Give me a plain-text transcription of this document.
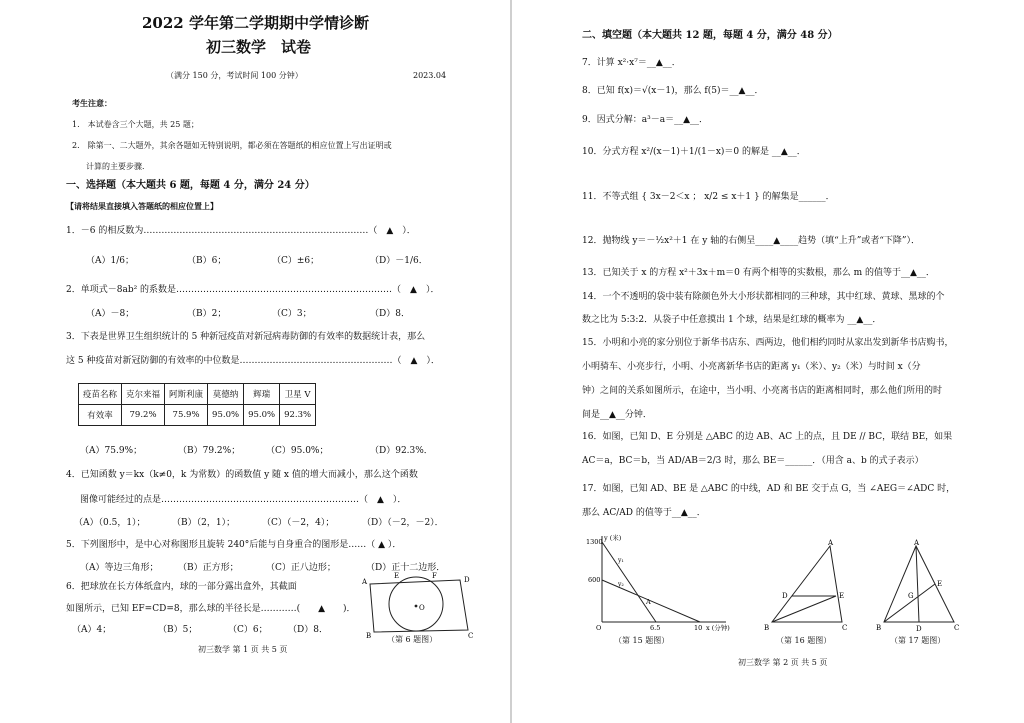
2022 学年第二学期期中学情诊断
初三数学　试卷
（满分 150 分，考试时间 100 分钟）	2023.04
考生注意：
1.　本试卷含三个大题，共 25 题；
2.　除第一、二大题外，其余各题如无特别说明，都必须在答题纸的相应位置上写出证明或
计算的主要步骤．
一、选择题（本大题共 6 题，每题 4 分，满分 24 分）
【请将结果直接填入答题纸的相应位置上】
1．－6 的相反数为…………………………………………………………………（　▲　）．
（A）1/6；	（B）6；	（C）±6；	（D）－1/6．
2．单项式－8ab² 的系数是………………………………………………………………（　▲　）．
（A）－8；	（B）2；	（C）3；	（D）8．
3．下表是世界卫生组织统计的 5 种新冠疫苗对新冠病毒防御的有效率的数据统计表，那么
这 5 种疫苗对新冠防御的有效率的中位数是……………………………………………（　▲　）．
疫苗名称	克尔来福	阿斯利康	莫德纳	辉瑞	卫星 V
有效率	79.2%	75.9%	95.0%	95.0%	92.3%
（A）75.9%；	（B）79.2%；	（C）95.0%；	（D）92.3%．
4．已知函数 y＝kx（k≠0，k 为常数）的函数值 y 随 x 值的增大而减小，那么这个函数
图像可能经过的点是…………………………………………………………（　▲　）．
（A）（0.5，1）；	（B）（2，1）；	（C）（－2，4）；	（D）（－2，－2）．
5．下列图形中，是中心对称图形且旋转 240°后能与自身重合的图形是……（ ▲ ）．
（A）等边三角形； （B）正方形；	（C）正八边形；	（D）正十二边形．
6．把球放在长方体纸盒内，球的一部分露出盒外，其截面
如图所示，已知 EF=CD=8，那么球的半径长是…………(　　▲　　)．
（A）4；	（B）5；	（C）6； （D）8．
A
E	F	D
O
B	C
（第 6 题图）
初三数学 第 1 页 共 5 页
二、填空题（本大题共 12 题，每题 4 分，满分 48 分）
7．计算 x²·x⁷＝__▲__．
8．已知 f(x)＝√(x－1)，那么 f(5)＝__▲__．
9．因式分解：a³－a＝__▲__．
10．分式方程 x²/(x－1)＋1/(1－x)＝0 的解是 __▲__．
11．不等式组 { 3x－2＜x ； x/2 ≤ x＋1 } 的解集是______．
12．抛物线 y＝－½x²＋1 在 y 轴的右侧呈____▲____趋势（填“上升”或者“下降”）．
13．已知关于 x 的方程 x²＋3x＋m＝0 有两个相等的实数根，那么 m 的值等于__▲__．
14．一个不透明的袋中装有除颜色外大小形状都相同的三种球，其中红球、黄球、黑球的个
数之比为 5:3:2．从袋子中任意摸出 1 个球，结果是红球的概率为 __▲__．
15．小明和小亮的家分别位于新华书店东、西两边，他们相约同时从家出发到新华书店购书，
小明骑车、小亮步行，小明、小亮离新华书店的距离 y₁（米）、y₂（米）与时间 x（分
钟）之间的关系如图所示，在途中，当小明、小亮离书店的距离相同时，那么他们所用的时
间是__▲__分钟．
16．如图，已知 D、E 分别是 △ABC 的边 AB、AC 上的点，且 DE // BC，联结 BE，如果
AC＝a，BC＝b，当 AD/AB＝2/3 时，那么 BE＝______．（用含 a、b 的式子表示）
17．如图，已知 AD、BE 是 △ABC 的中线，AD 和 BE 交于点 G，当 ∠AEG＝∠ADC 时，
那么 AC/AD 的值等于__▲__．
1300
600
y (米)
O	6.5	10 x (分钟)
y₁
y₂
A
（第 15 题图）
A
D	E
B	C
（第 16 题图）
A
E
G
B	D	C
（第 17 题图）
初三数学 第 2 页 共 5 页
